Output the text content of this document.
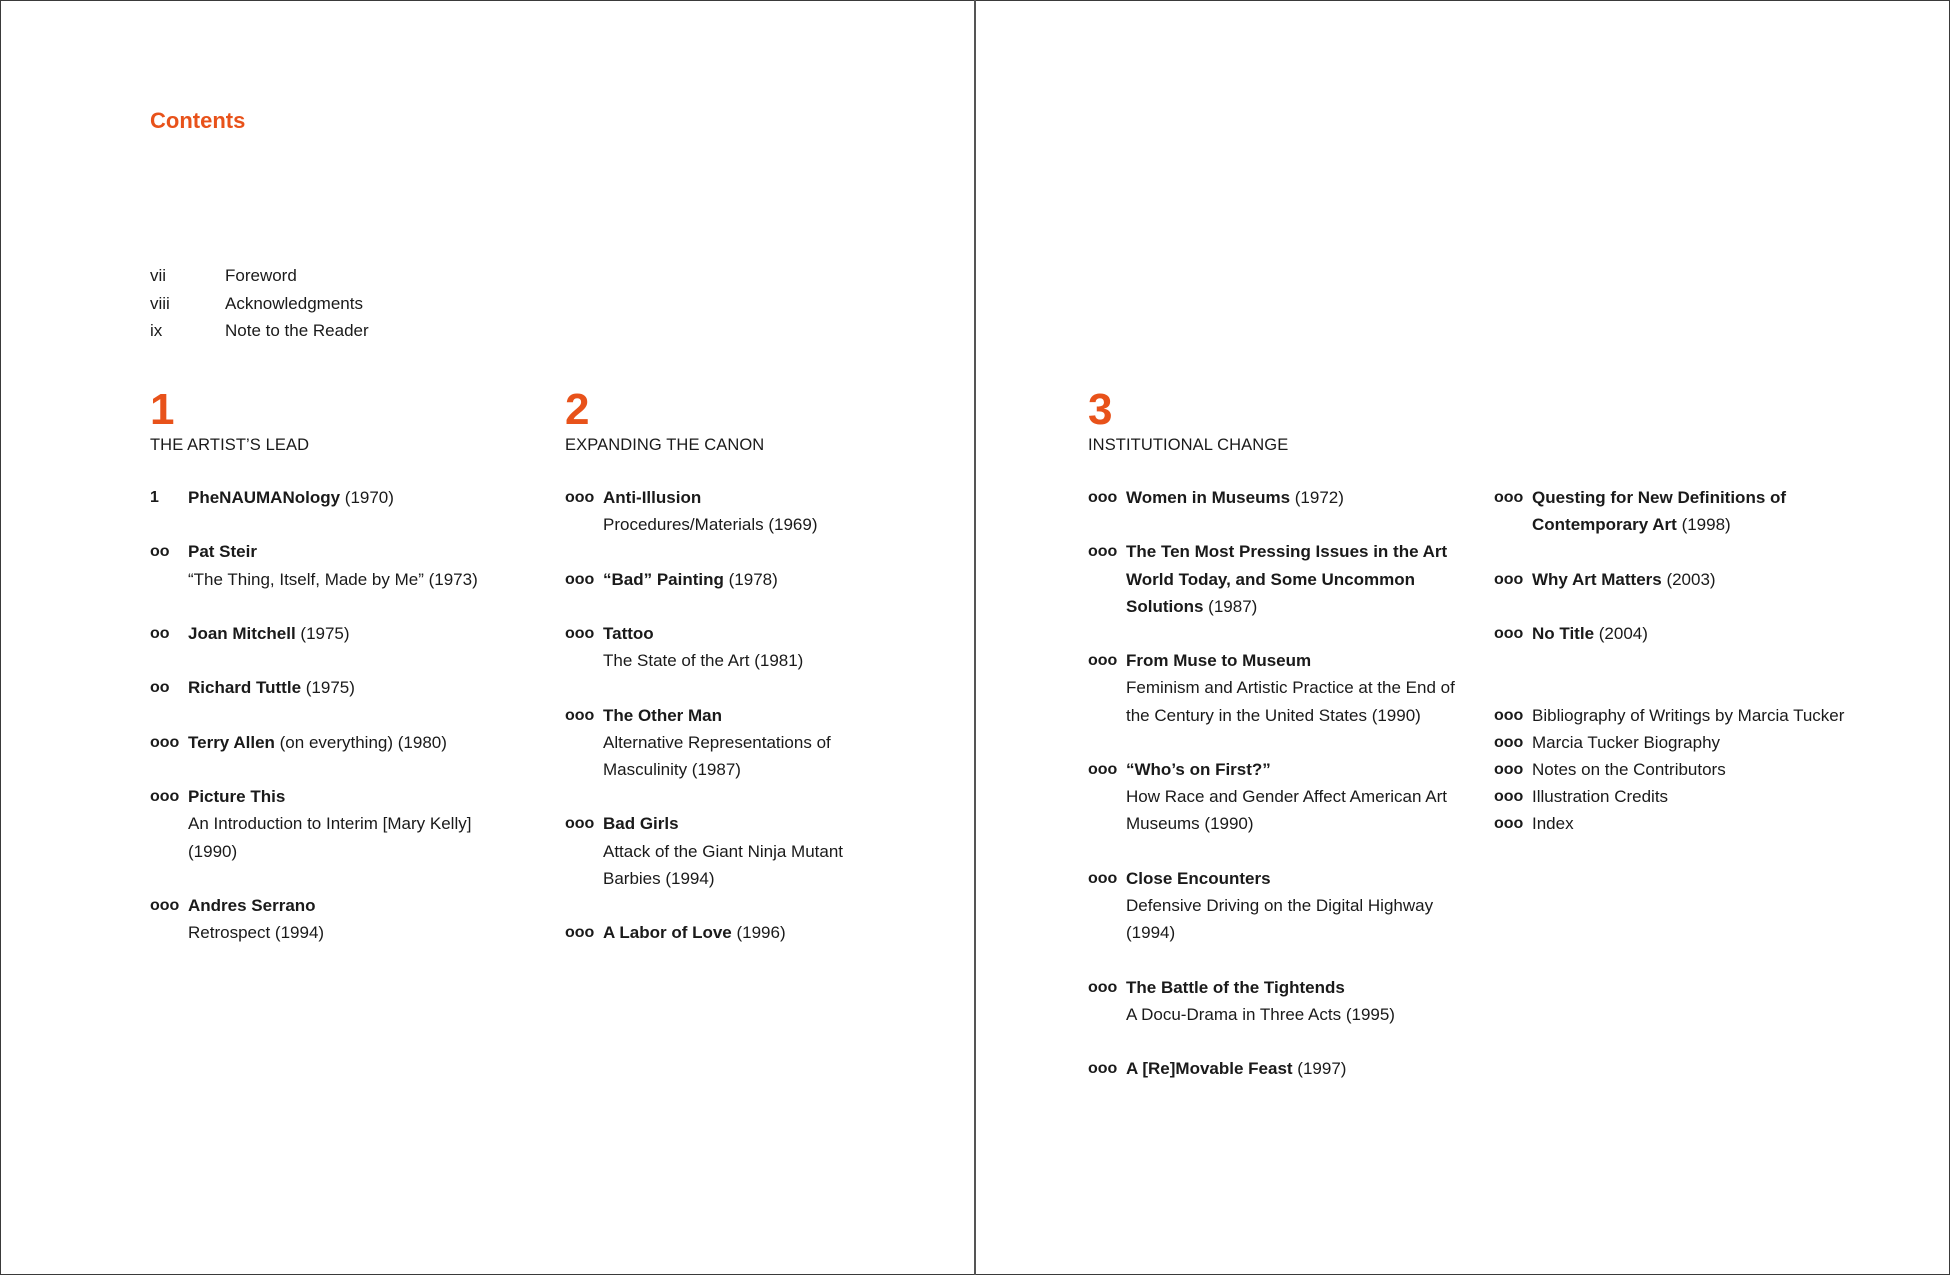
Contents
vii	Foreword
viii	Acknowledgments
ix	Note to the Reader
1
THE ARTIST’S LEAD
2
EXPANDING THE CANON
3
INSTITUTIONAL CHANGE
1	PheNAUMANology (1970)
oo	Pat Steir
“The Thing, Itself, Made by Me” (1973)
oo	Joan Mitchell (1975)
oo	Richard Tuttle (1975)
ooo Terry Allen (on everything) (1980)
ooo Picture This
An Introduction to Interim [Mary Kelly] (1990)
ooo Andres Serrano
Retrospect (1994)
ooo Anti-Illusion
Procedures/Materials (1969)
ooo “Bad” Painting (1978)
ooo Tattoo
The State of the Art (1981)
ooo The Other Man
Alternative Representations of Masculinity (1987)
ooo Bad Girls
Attack of the Giant Ninja Mutant Barbies (1994)
ooo A Labor of Love (1996)
ooo Women in Museums (1972)
ooo The Ten Most Pressing Issues in the Art World Today, and Some Uncommon Solutions (1987)
ooo From Muse to Museum
Feminism and Artistic Practice at the End of the Century in the United States (1990)
ooo “Who’s on First?”
How Race and Gender Affect American Art Museums (1990)
ooo Close Encounters
Defensive Driving on the Digital Highway (1994)
ooo The Battle of the Tightends
A Docu-Drama in Three Acts (1995)
ooo A [Re]Movable Feast (1997)
ooo Questing for New Definitions of Contemporary Art (1998)
ooo Why Art Matters (2003)
ooo No Title (2004)
ooo Bibliography of Writings by Marcia Tucker
ooo Marcia Tucker Biography
ooo Notes on the Contributors
ooo Illustration Credits
ooo Index
